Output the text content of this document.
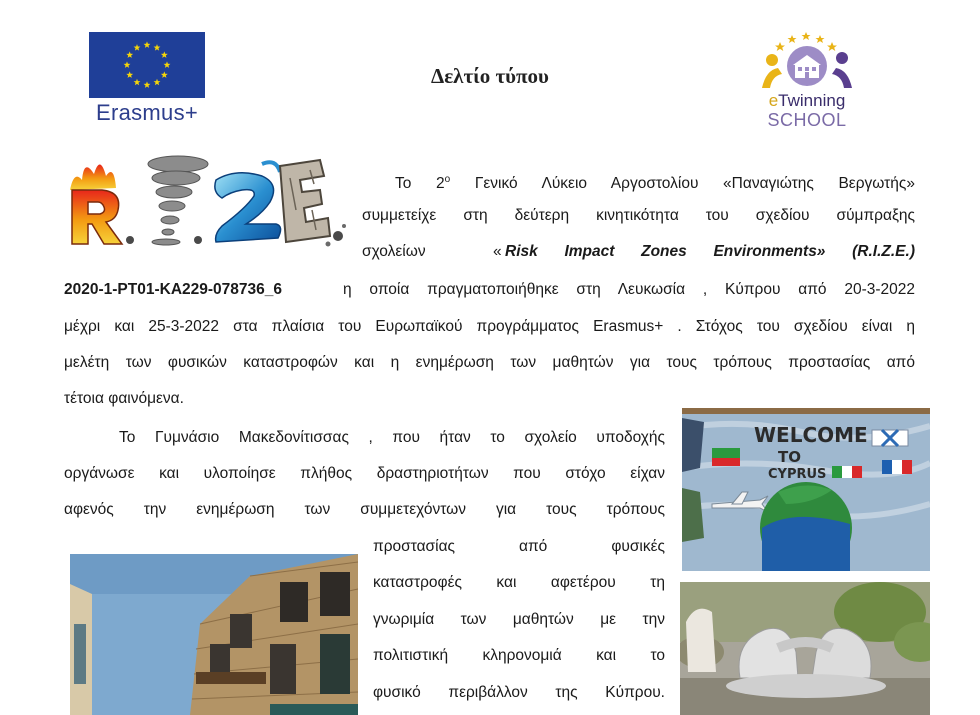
Erasmus+
Δελτίο τύπου
eTwinning
SCHOOL
Το $2^o$ Γενικό Λύκειο Αργοστολίου «Παναγιώτης Βεργωτής»
συμμετείχε στη δεύτερη κινητικότητα του σχεδίου σύμπραξης
σχολείων	« Risk Impact Zones Environments» (R.I.Z.E.)
2020-1-PT01-KA229-078736_6	η οποία πραγματοποιήθηκε στη Λευκωσία , Κύπρου από 20-3-2022
μέχρι και 25-3-2022 στα πλαίσια του Ευρωπαϊκού προγράμματος Erasmus+ . Στόχος του σχεδίου είναι η
μελέτη των φυσικών καταστροφών και η ενημέρωση των μαθητών για τους τρόπους προστασίας από
τέτοια φαινόμενα.
Το Γυμνάσιο Μακεδονίτισσας , που ήταν το σχολείο υποδοχής
οργάνωσε και υλοποίησε πλήθος δραστηριοτήτων που στόχο είχαν
αφενός την ενημέρωση των συμμετεχόντων για τους τρόπους
προστασίας από φυσικές
καταστροφές και αφετέρου τη
γνωριμία των μαθητών με την
πολιτιστική κληρονομιά και το
φυσικό περιβάλλον της Κύπρου.
WELCOME
TO
CYPRUS
